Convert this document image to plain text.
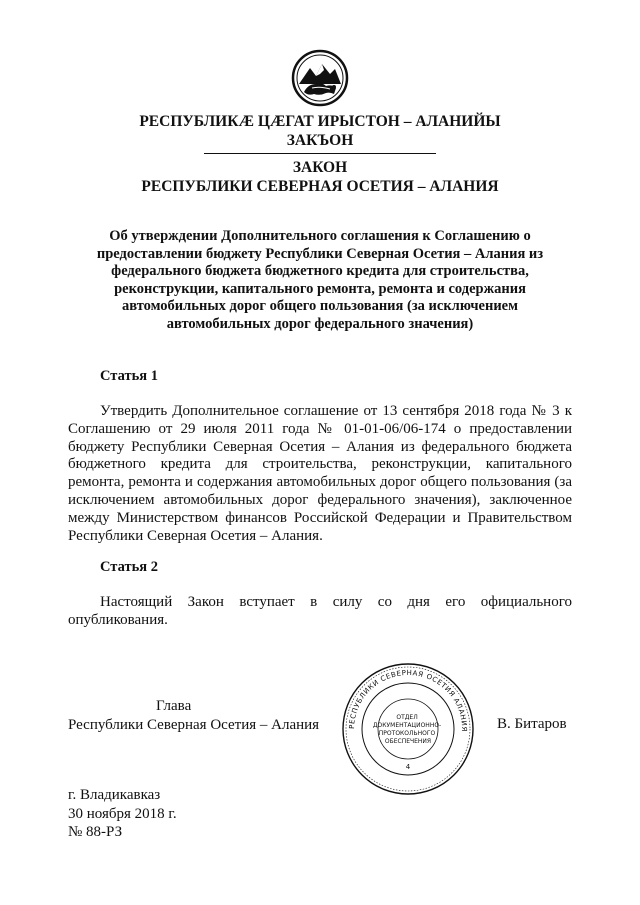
РЕСПУБЛИКÆ ЦÆГАТ ИРЫСТОН – АЛАНИЙЫ

ЗАКЪОН

ЗАКОН

РЕСПУБЛИКИ СЕВЕРНАЯ ОСЕТИЯ – АЛАНИЯ

Об утверждении Дополнительного соглашения к Соглашению о предоставлении бюджету Республики Северная Осетия – Алания из федерального бюджета бюджетного кредита для строительства, реконструкции, капитального ремонта, ремонта и содержания автомобильных дорог общего пользования (за исключением автомобильных дорог федерального значения)

Статья 1

Утвердить Дополнительное соглашение от 13 сентября 2018 года № 3 к Соглашению от 29 июля 2011 года № 01-01-06/06-174 о предоставлении бюджету Республики Северная Осетия – Алания из федерального бюджета бюджетного кредита для строительства, реконструкции, капитального ремонта, ремонта и содержания автомобильных дорог общего пользования (за исключением автомобильных дорог федерального значения), заключенное между Министерством финансов Российской Федерации и Правительством Республики Северная Осетия – Алания.

Статья 2

Настоящий Закон вступает в силу со дня его официального опубликования.

Глава
Республики Северная Осетия – Алания	РЕСПУБЛИКИ СЕВЕРНАЯ ОСЕТИЯ АЛАНИЯ
ОТДЕЛ ДОКУМЕНТАЦИОННО- ПРОТОКОЛЬНОГО ОБЕСПЕЧЕНИЯ
4

В. Битаров

г. Владикавказ
30 ноября 2018 г.
№ 88-РЗ
